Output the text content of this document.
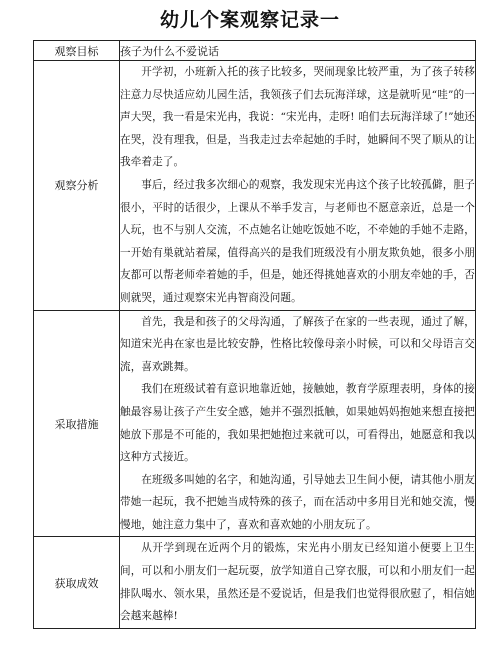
幼儿个案观察记录一
观察目标	孩子为什么不爱说话
观察分析	开学初，小班新入托的孩子比较多，哭闹现象比较严重，为了孩子转移注意力尽快适应幼儿园生活，我领孩子们去玩海洋球，这是就听见“哇”的一声大哭，我一看是宋光冉，我说：“宋光冉，走呀! 咱们去玩海洋球了!”她还在哭，没有理我，但是，当我走过去牵起她的手时，她瞬间不哭了顺从的让我牵着走了。

事后，经过我多次细心的观察，我发现宋光冉这个孩子比较孤僻，胆子很小，平时的话很少，上课从不举手发言，与老师也不愿意亲近，总是一个人玩，也不与别人交流，不点她名让她吃饭她不吃，不牵她的手她不走路，一开始有巣就站着屎，值得高兴的是我们班级没有小朋友欺负她，很多小朋友都可以帮老师牵着她的手，但是，她还得挑她喜欢的小朋友牵她的手，否则就哭，通过观察宋光冉智商没问题。

采取措施	首先，我是和孩子的父母沟通，了解孩子在家的一些表现，通过了解，知道宋光冉在家也是比较安静，性格比较像母亲小时候，可以和父母语言交流，喜欢跳舞。

我们在班级试着有意识地靠近她，接触她，教育学原理表明，身体的接触最容易让孩子产生安全感，她并不强烈抵触，如果她妈妈抱她来想直接把她放下那是不可能的，我如果把她抱过来就可以，可看得出，她愿意和我以这种方式接近。

在班级多叫她的名字，和她沟通，引导她去卫生间小便，请其他小朋友带她一起玩，我不把她当成特殊的孩子，而在活动中多用目光和她交流，慢慢地，她注意力集中了，喜欢和喜欢她的小朋友玩了。

获取成效	从开学到现在近两个月的锻炼，宋光冉小朋友已经知道小便要上卫生间，可以和小朋友们一起玩耍，放学知道自己穿衣服，可以和小朋友们一起排队喝水、领水果，虽然还是不爱说话，但是我们也觉得很欣慰了，相信她会越来越棒!
